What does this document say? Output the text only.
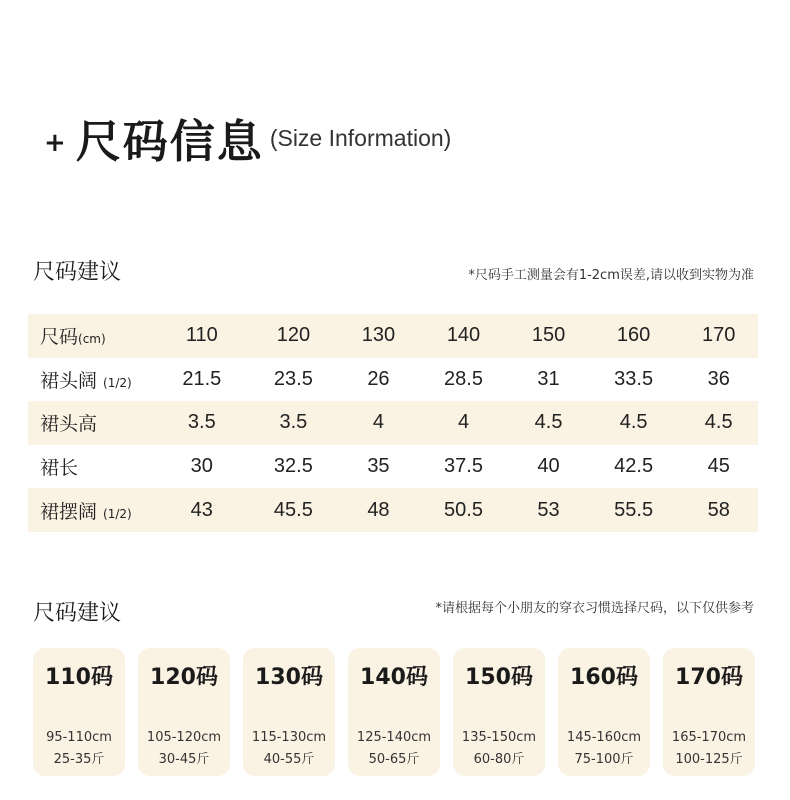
+ 尺码信息 (Size Information)
尺码建议	*尺码手工测量会有1-2cm误差,请以收到实物为准
尺码(cm)	110	120	130	140	150	160	170
裙头阔 (1/2)	21.5	23.5	26	28.5	31	33.5	36
裙头高	3.5	3.5	4	4	4.5	4.5	4.5
裙长	30	32.5	35	37.5	40	42.5	45
裙摆阔 (1/2)	43	45.5	48	50.5	53	55.5	58
尺码建议	*请根据每个小朋友的穿衣习惯选择尺码，以下仅供参考
110码
95-110cm
25-35斤
120码
105-120cm
30-45斤
130码
115-130cm
40-55斤
140码
125-140cm
50-65斤
150码
135-150cm
60-80斤
160码
145-160cm
75-100斤
170码
165-170cm
100-125斤
